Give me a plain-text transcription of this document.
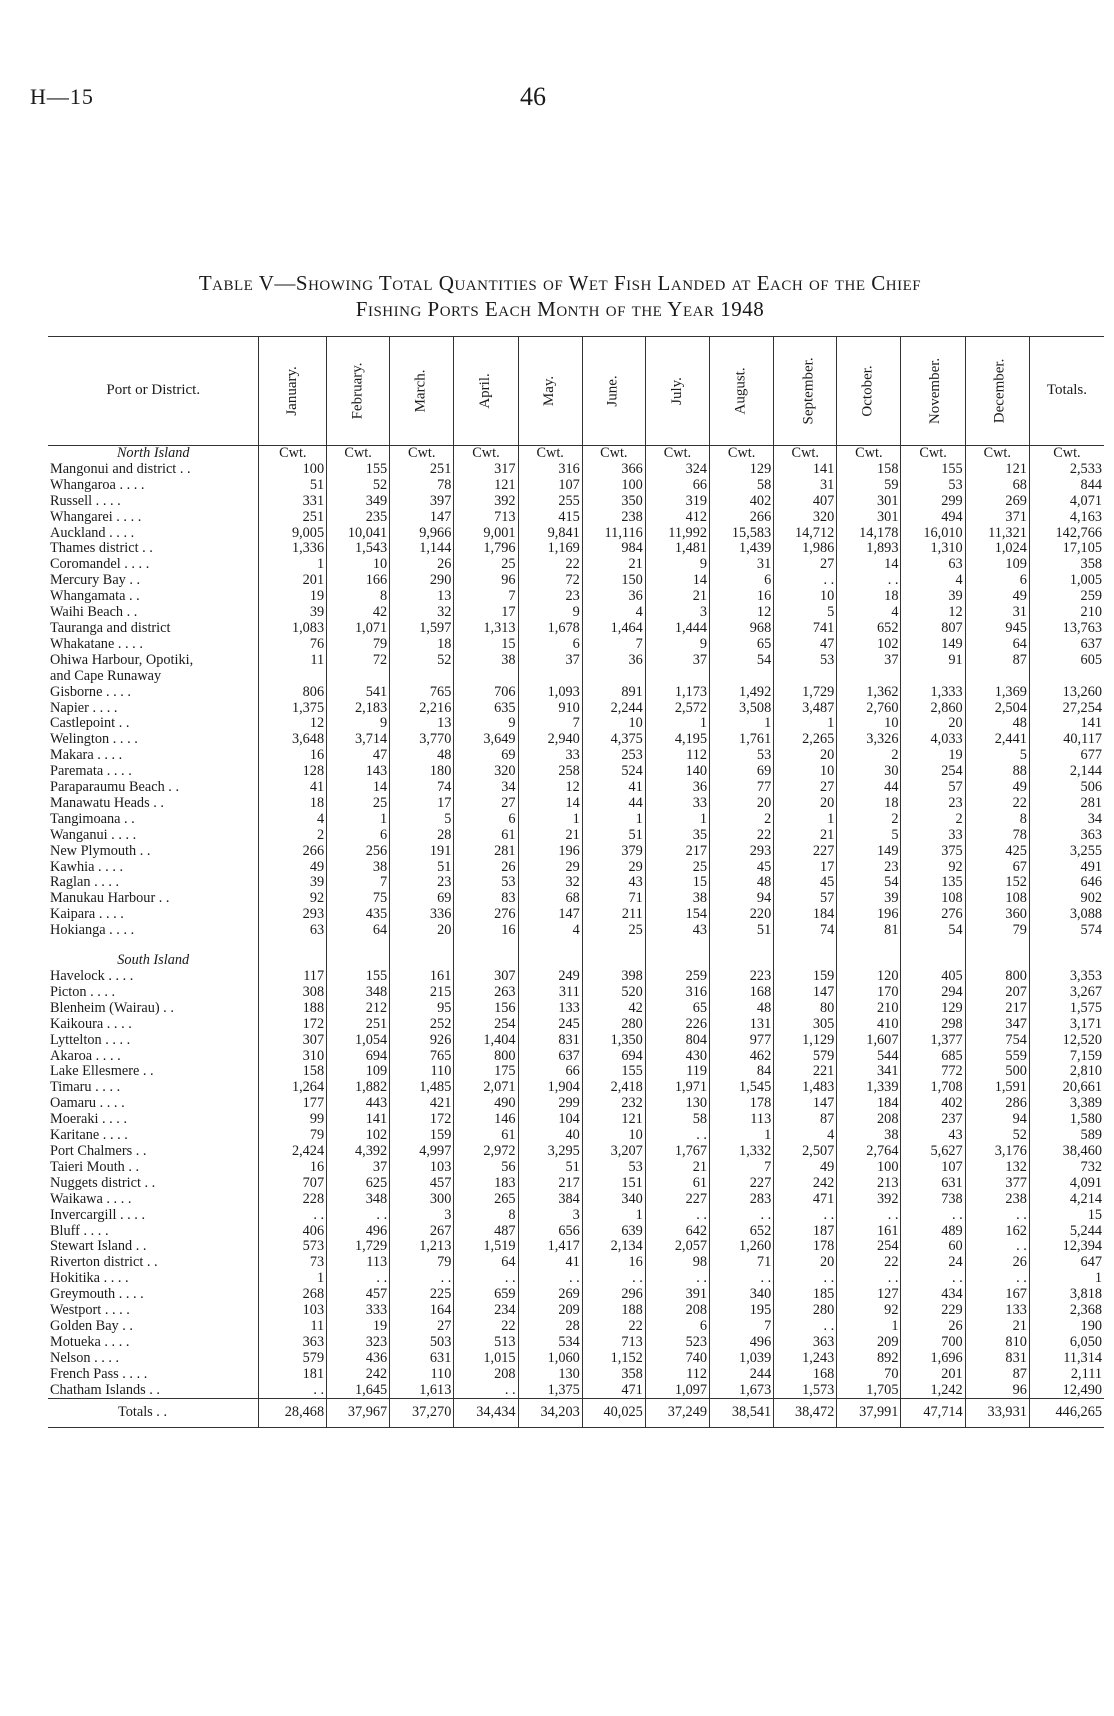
H—15	46
Table V—Showing Total Quantities of Wet Fish Landed at Each of the Chief
Fishing Ports Each Month of the Year 1948
Port or District.	January.	February.	March.	April.	May.	June.	July.	August.	September.	October.	November.	December.	Totals.
North Island	Cwt.	Cwt.	Cwt.	Cwt.	Cwt.	Cwt.	Cwt.	Cwt.	Cwt.	Cwt.	Cwt.	Cwt.	Cwt.
Mangonui and district . .	100	155	251	317	316	366	324	129	141	158	155	121	2,533
Whangaroa . . . .	51	52	78	121	107	100	66	58	31	59	53	68	844
Russell . . . .	331	349	397	392	255	350	319	402	407	301	299	269	4,071
Whangarei . . . .	251	235	147	713	415	238	412	266	320	301	494	371	4,163
Auckland . . . .	9,005	10,041	9,966	9,001	9,841	11,116	11,992	15,583	14,712	14,178	16,010	11,321	142,766
Thames district . .	1,336	1,543	1,144	1,796	1,169	984	1,481	1,439	1,986	1,893	1,310	1,024	17,105
Coromandel . . . .	1	10	26	25	22	21	9	31	27	14	63	109	358
Mercury Bay . .	201	166	290	96	72	150	14	6	. .	. .	4	6	1,005
Whangamata . .	19	8	13	7	23	36	21	16	10	18	39	49	259
Waihi Beach . .	39	42	32	17	9	4	3	12	5	4	12	31	210
Tauranga and district	1,083	1,071	1,597	1,313	1,678	1,464	1,444	968	741	652	807	945	13,763
Whakatane . . . .	76	79	18	15	6	7	9	65	47	102	149	64	637
Ohiwa Harbour, Opotiki,	11	72	52	38	37	36	37	54	53	37	91	87	605
and Cape Runaway													
Gisborne . . . .	806	541	765	706	1,093	891	1,173	1,492	1,729	1,362	1,333	1,369	13,260
Napier . . . .	1,375	2,183	2,216	635	910	2,244	2,572	3,508	3,487	2,760	2,860	2,504	27,254
Castlepoint . .	12	9	13	9	7	10	1	1	1	10	20	48	141
Welington . . . .	3,648	3,714	3,770	3,649	2,940	4,375	4,195	1,761	2,265	3,326	4,033	2,441	40,117
Makara . . . .	16	47	48	69	33	253	112	53	20	2	19	5	677
Paremata . . . .	128	143	180	320	258	524	140	69	10	30	254	88	2,144
Paraparaumu Beach . .	41	14	74	34	12	41	36	77	27	44	57	49	506
Manawatu Heads . .	18	25	17	27	14	44	33	20	20	18	23	22	281
Tangimoana . .	4	1	5	6	1	1	1	2	1	2	2	8	34
Wanganui . . . .	2	6	28	61	21	51	35	22	21	5	33	78	363
New Plymouth . .	266	256	191	281	196	379	217	293	227	149	375	425	3,255
Kawhia . . . .	49	38	51	26	29	29	25	45	17	23	92	67	491
Raglan . . . .	39	7	23	53	32	43	15	48	45	54	135	152	646
Manukau Harbour . .	92	75	69	83	68	71	38	94	57	39	108	108	902
Kaipara . . . .	293	435	336	276	147	211	154	220	184	196	276	360	3,088
Hokianga . . . .	63	64	20	16	4	25	43	51	74	81	54	79	574

South Island													
Havelock . . . .	117	155	161	307	249	398	259	223	159	120	405	800	3,353
Picton . . . .	308	348	215	263	311	520	316	168	147	170	294	207	3,267
Blenheim (Wairau) . .	188	212	95	156	133	42	65	48	80	210	129	217	1,575
Kaikoura . . . .	172	251	252	254	245	280	226	131	305	410	298	347	3,171
Lyttelton . . . .	307	1,054	926	1,404	831	1,350	804	977	1,129	1,607	1,377	754	12,520
Akaroa . . . .	310	694	765	800	637	694	430	462	579	544	685	559	7,159
Lake Ellesmere . .	158	109	110	175	66	155	119	84	221	341	772	500	2,810
Timaru . . . .	1,264	1,882	1,485	2,071	1,904	2,418	1,971	1,545	1,483	1,339	1,708	1,591	20,661
Oamaru . . . .	177	443	421	490	299	232	130	178	147	184	402	286	3,389
Moeraki . . . .	99	141	172	146	104	121	58	113	87	208	237	94	1,580
Karitane . . . .	79	102	159	61	40	10	. .	1	4	38	43	52	589
Port Chalmers . .	2,424	4,392	4,997	2,972	3,295	3,207	1,767	1,332	2,507	2,764	5,627	3,176	38,460
Taieri Mouth . .	16	37	103	56	51	53	21	7	49	100	107	132	732
Nuggets district . .	707	625	457	183	217	151	61	227	242	213	631	377	4,091
Waikawa . . . .	228	348	300	265	384	340	227	283	471	392	738	238	4,214
Invercargill . . . .	. .	. .	3	8	3	1	. .	. .	. .	. .	. .	. .	15
Bluff . . . .	406	496	267	487	656	639	642	652	187	161	489	162	5,244
Stewart Island . .	573	1,729	1,213	1,519	1,417	2,134	2,057	1,260	178	254	60	. .	12,394
Riverton district . .	73	113	79	64	41	16	98	71	20	22	24	26	647
Hokitika . . . .	1	. .	. .	. .	. .	. .	. .	. .	. .	. .	. .	. .	1
Greymouth . . . .	268	457	225	659	269	296	391	340	185	127	434	167	3,818
Westport . . . .	103	333	164	234	209	188	208	195	280	92	229	133	2,368
Golden Bay . .	11	19	27	22	28	22	6	7	. .	1	26	21	190
Motueka . . . .	363	323	503	513	534	713	523	496	363	209	700	810	6,050
Nelson . . . .	579	436	631	1,015	1,060	1,152	740	1,039	1,243	892	1,696	831	11,314
French Pass . . . .	181	242	110	208	130	358	112	244	168	70	201	87	2,111
Chatham Islands . .	. .	1,645	1,613	. .	1,375	471	1,097	1,673	1,573	1,705	1,242	96	12,490
Totals . .	28,468	37,967	37,270	34,434	34,203	40,025	37,249	38,541	38,472	37,991	47,714	33,931	446,265
